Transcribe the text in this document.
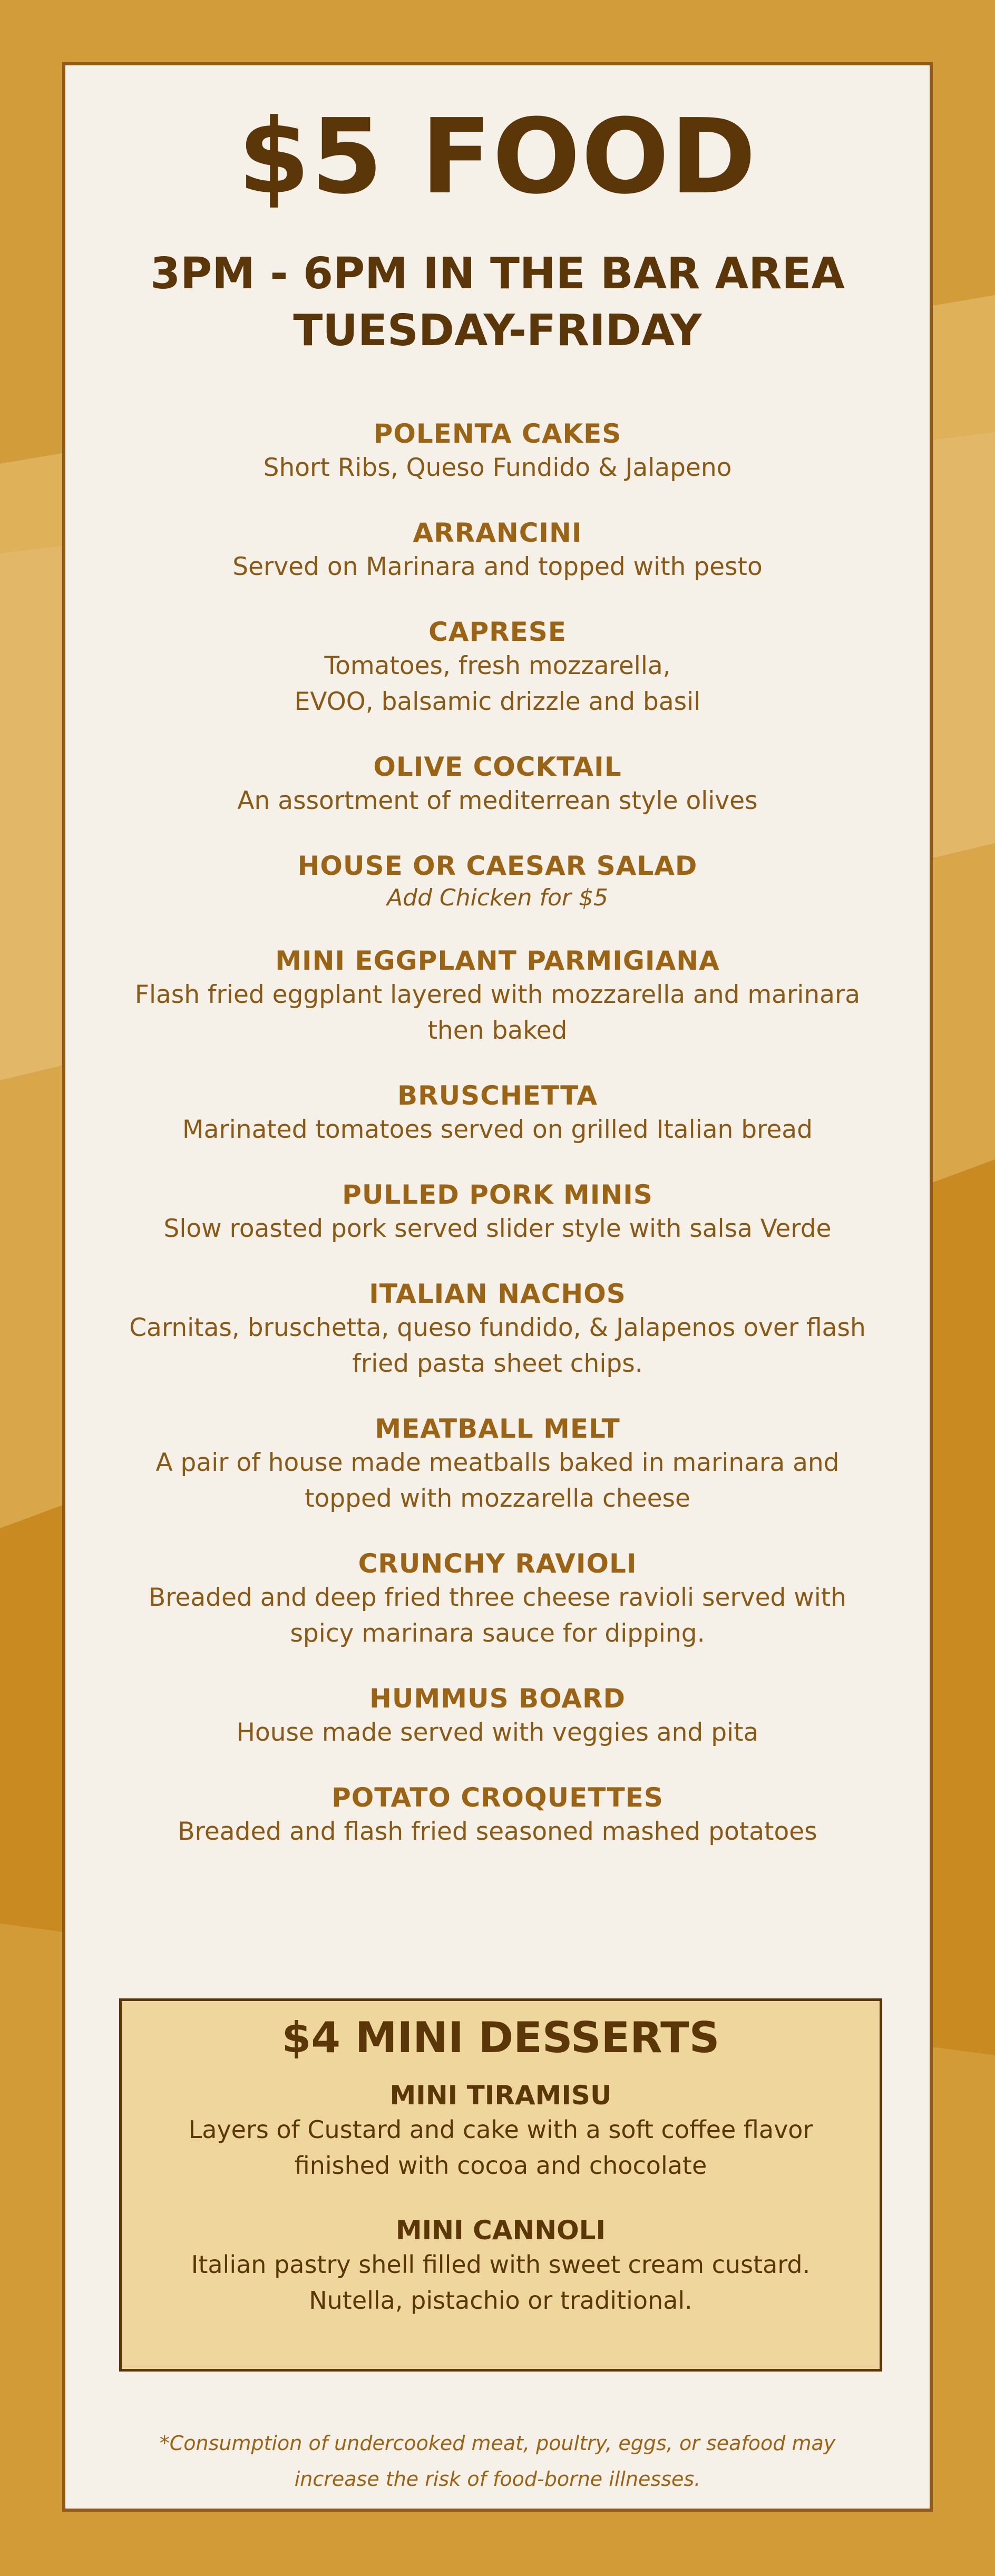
$5 FOOD
3PM - 6PM IN THE BAR AREA
TUESDAY-FRIDAY
POLENTA CAKES
Short Ribs, Queso Fundido & Jalapeno
ARRANCINI
Served on Marinara and topped with pesto
CAPRESE
Tomatoes, fresh mozzarella,
EVOO, balsamic drizzle and basil
OLIVE COCKTAIL
An assortment of mediterrean style olives
HOUSE OR CAESAR SALAD
Add Chicken for $5
MINI EGGPLANT PARMIGIANA
Flash fried eggplant layered with mozzarella and marinara
then baked
BRUSCHETTA
Marinated tomatoes served on grilled Italian bread
PULLED PORK MINIS
Slow roasted pork served slider style with salsa Verde
ITALIAN NACHOS
Carnitas, bruschetta, queso fundido, & Jalapenos over flash
fried pasta sheet chips.
MEATBALL MELT
A pair of house made meatballs baked in marinara and
topped with mozzarella cheese
CRUNCHY RAVIOLI
Breaded and deep fried three cheese ravioli served with
spicy marinara sauce for dipping.
HUMMUS BOARD
House made served with veggies and pita
POTATO CROQUETTES
Breaded and flash fried seasoned mashed potatoes
$4 MINI DESSERTS
MINI TIRAMISU
Layers of Custard and cake with a soft coffee flavor
finished with cocoa and chocolate
MINI CANNOLI
Italian pastry shell filled with sweet cream custard.
Nutella, pistachio or traditional.
*Consumption of undercooked meat, poultry, eggs, or seafood may
increase the risk of food-borne illnesses.
